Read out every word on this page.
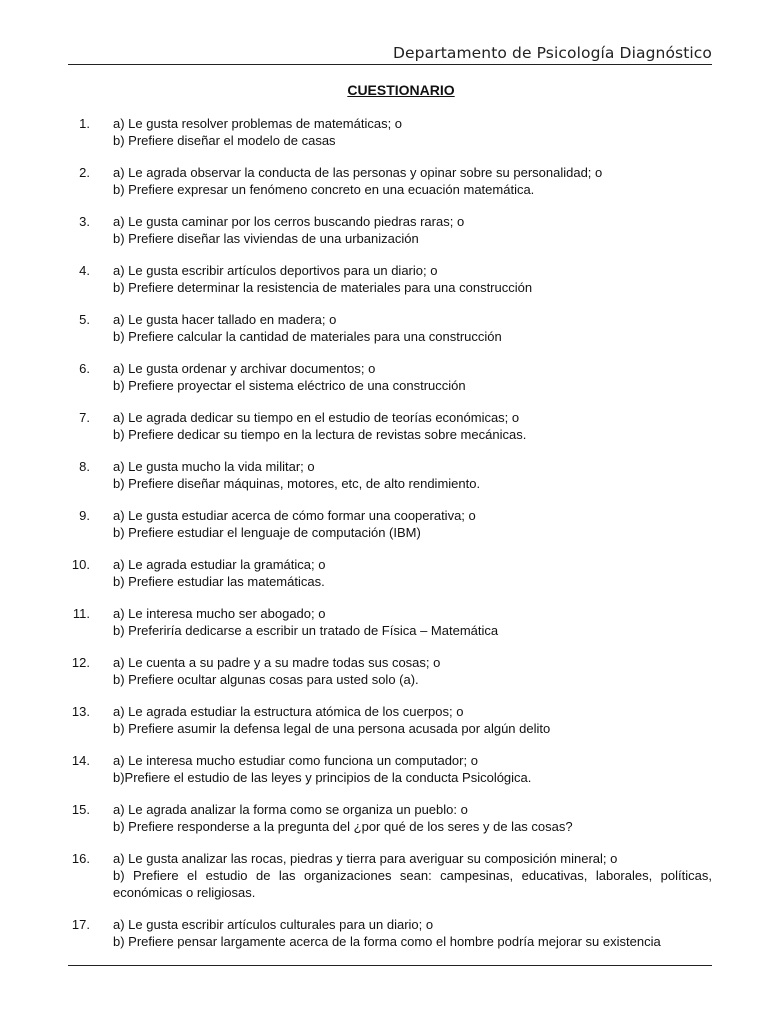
Departamento de Psicología Diagnóstico
CUESTIONARIO
1. a) Le gusta resolver problemas de matemáticas; o
b) Prefiere diseñar el modelo de casas
2. a) Le agrada observar la conducta de las personas y opinar sobre su personalidad; o
b) Prefiere expresar un fenómeno concreto en una ecuación matemática.
3. a) Le gusta caminar por los cerros buscando piedras raras; o
b) Prefiere diseñar las viviendas de una urbanización
4. a) Le gusta escribir artículos deportivos para un diario; o
b) Prefiere determinar la resistencia de materiales para una construcción
5. a) Le gusta hacer tallado en madera; o
b) Prefiere calcular la cantidad de materiales para una construcción
6. a) Le gusta ordenar y archivar documentos; o
b) Prefiere proyectar el sistema eléctrico de una construcción
7. a) Le agrada dedicar su tiempo en el estudio de teorías económicas; o
b) Prefiere dedicar su tiempo en la lectura de revistas sobre mecánicas.
8. a) Le gusta mucho la vida militar; o
b) Prefiere diseñar máquinas, motores, etc, de alto rendimiento.
9. a) Le gusta estudiar acerca de cómo formar una cooperativa; o
b) Prefiere estudiar el lenguaje de computación (IBM)
10. a) Le agrada estudiar la gramática; o
b) Prefiere estudiar las matemáticas.
11. a) Le interesa mucho ser abogado; o
b) Preferiría dedicarse a escribir un tratado de Física – Matemática
12. a) Le cuenta a su padre y a su madre todas sus cosas; o
b) Prefiere ocultar algunas cosas para usted solo (a).
13. a) Le agrada estudiar la estructura atómica de los cuerpos; o
b) Prefiere asumir la defensa legal de una persona acusada por algún delito
14. a) Le interesa mucho estudiar como funciona un computador; o
b)Prefiere el estudio de las leyes y principios de la conducta Psicológica.
15. a) Le agrada analizar la forma como se organiza un pueblo: o
b) Prefiere responderse a la pregunta del ¿por qué de los seres y de las cosas?
16. a) Le gusta analizar las rocas, piedras y tierra para averiguar su composición mineral; o
b) Prefiere el estudio de las organizaciones sean: campesinas, educativas, laborales, políticas, económicas o religiosas.
17. a) Le gusta escribir artículos culturales para un diario; o
b) Prefiere pensar largamente acerca de la forma como el hombre podría mejorar su existencia
